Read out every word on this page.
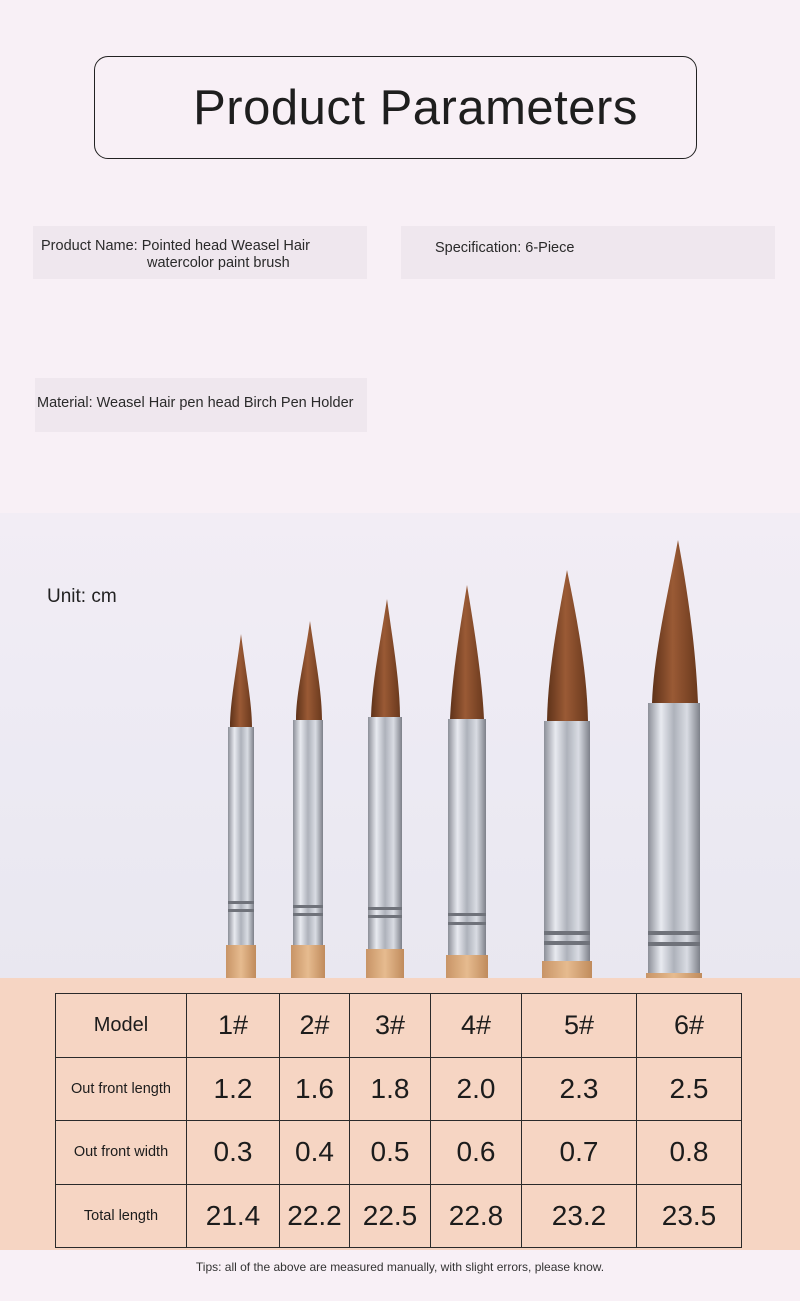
Product Parameters
Product Name: Pointed head Weasel Hair
watercolor paint brush
Specification: 6-Piece
Material: Weasel Hair pen head Birch Pen Holder
Unit: cm
Model	1#	2#	3#	4#	5#	6#
Out front length	1.2	1.6	1.8	2.0	2.3	2.5
Out front width	0.3	0.4	0.5	0.6	0.7	0.8
Total length	21.4	22.2	22.5	22.8	23.2	23.5
Tips: all of the above are measured manually, with slight errors, please know.
